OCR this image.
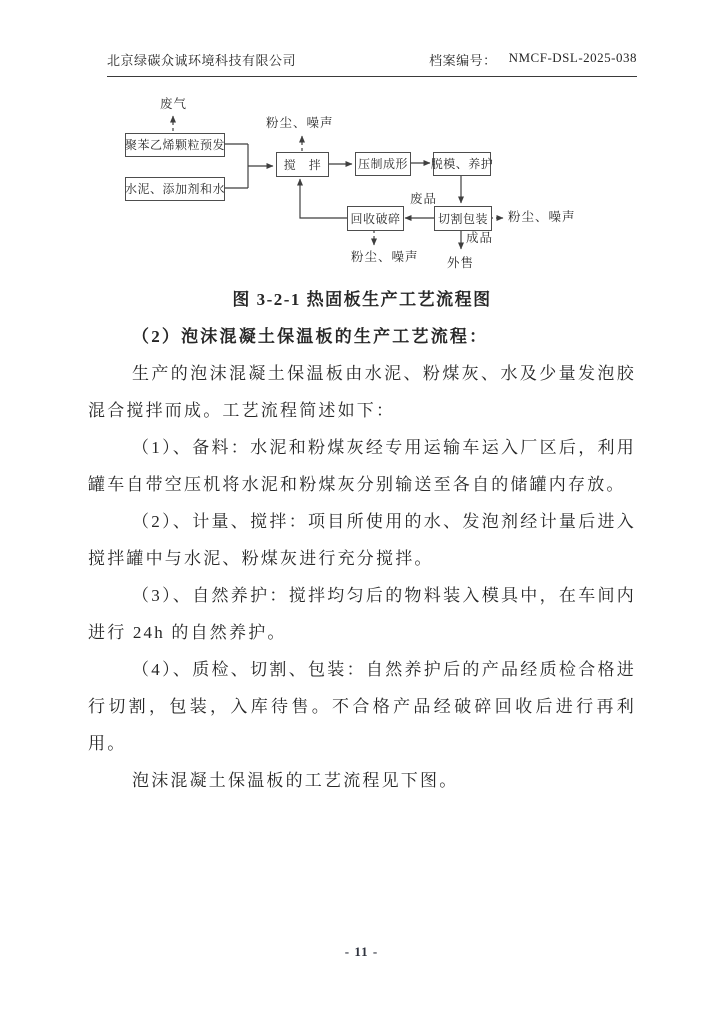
北京绿碳众诚环境科技有限公司	档案编号： NMCF-DSL-2025-038
聚苯乙烯颗粒预发
水泥、添加剂和水
搅　拌	压制成形 脱模、养护
回收破碎	切割包装
废气
粉尘、噪声
废品
粉尘、噪声
成品
外售
粉尘、噪声

图 3-2-1 热固板生产工艺流程图

（2）泡沫混凝土保温板的生产工艺流程：

生产的泡沫混凝土保温板由水泥、粉煤灰、水及少量发泡胶混合搅拌而成。工艺流程简述如下：

（1）、备料：水泥和粉煤灰经专用运输车运入厂区后，利用罐车自带空压机将水泥和粉煤灰分别输送至各自的储罐内存放。

（2）、计量、搅拌：项目所使用的水、发泡剂经计量后进入搅拌罐中与水泥、粉煤灰进行充分搅拌。

（3）、自然养护：搅拌均匀后的物料装入模具中，在车间内进行 24h 的自然养护。

（4）、质检、切割、包装：自然养护后的产品经质检合格进行切割，包装，入库待售。不合格产品经破碎回收后进行再利用。

泡沫混凝土保温板的工艺流程见下图。

- 11 -
